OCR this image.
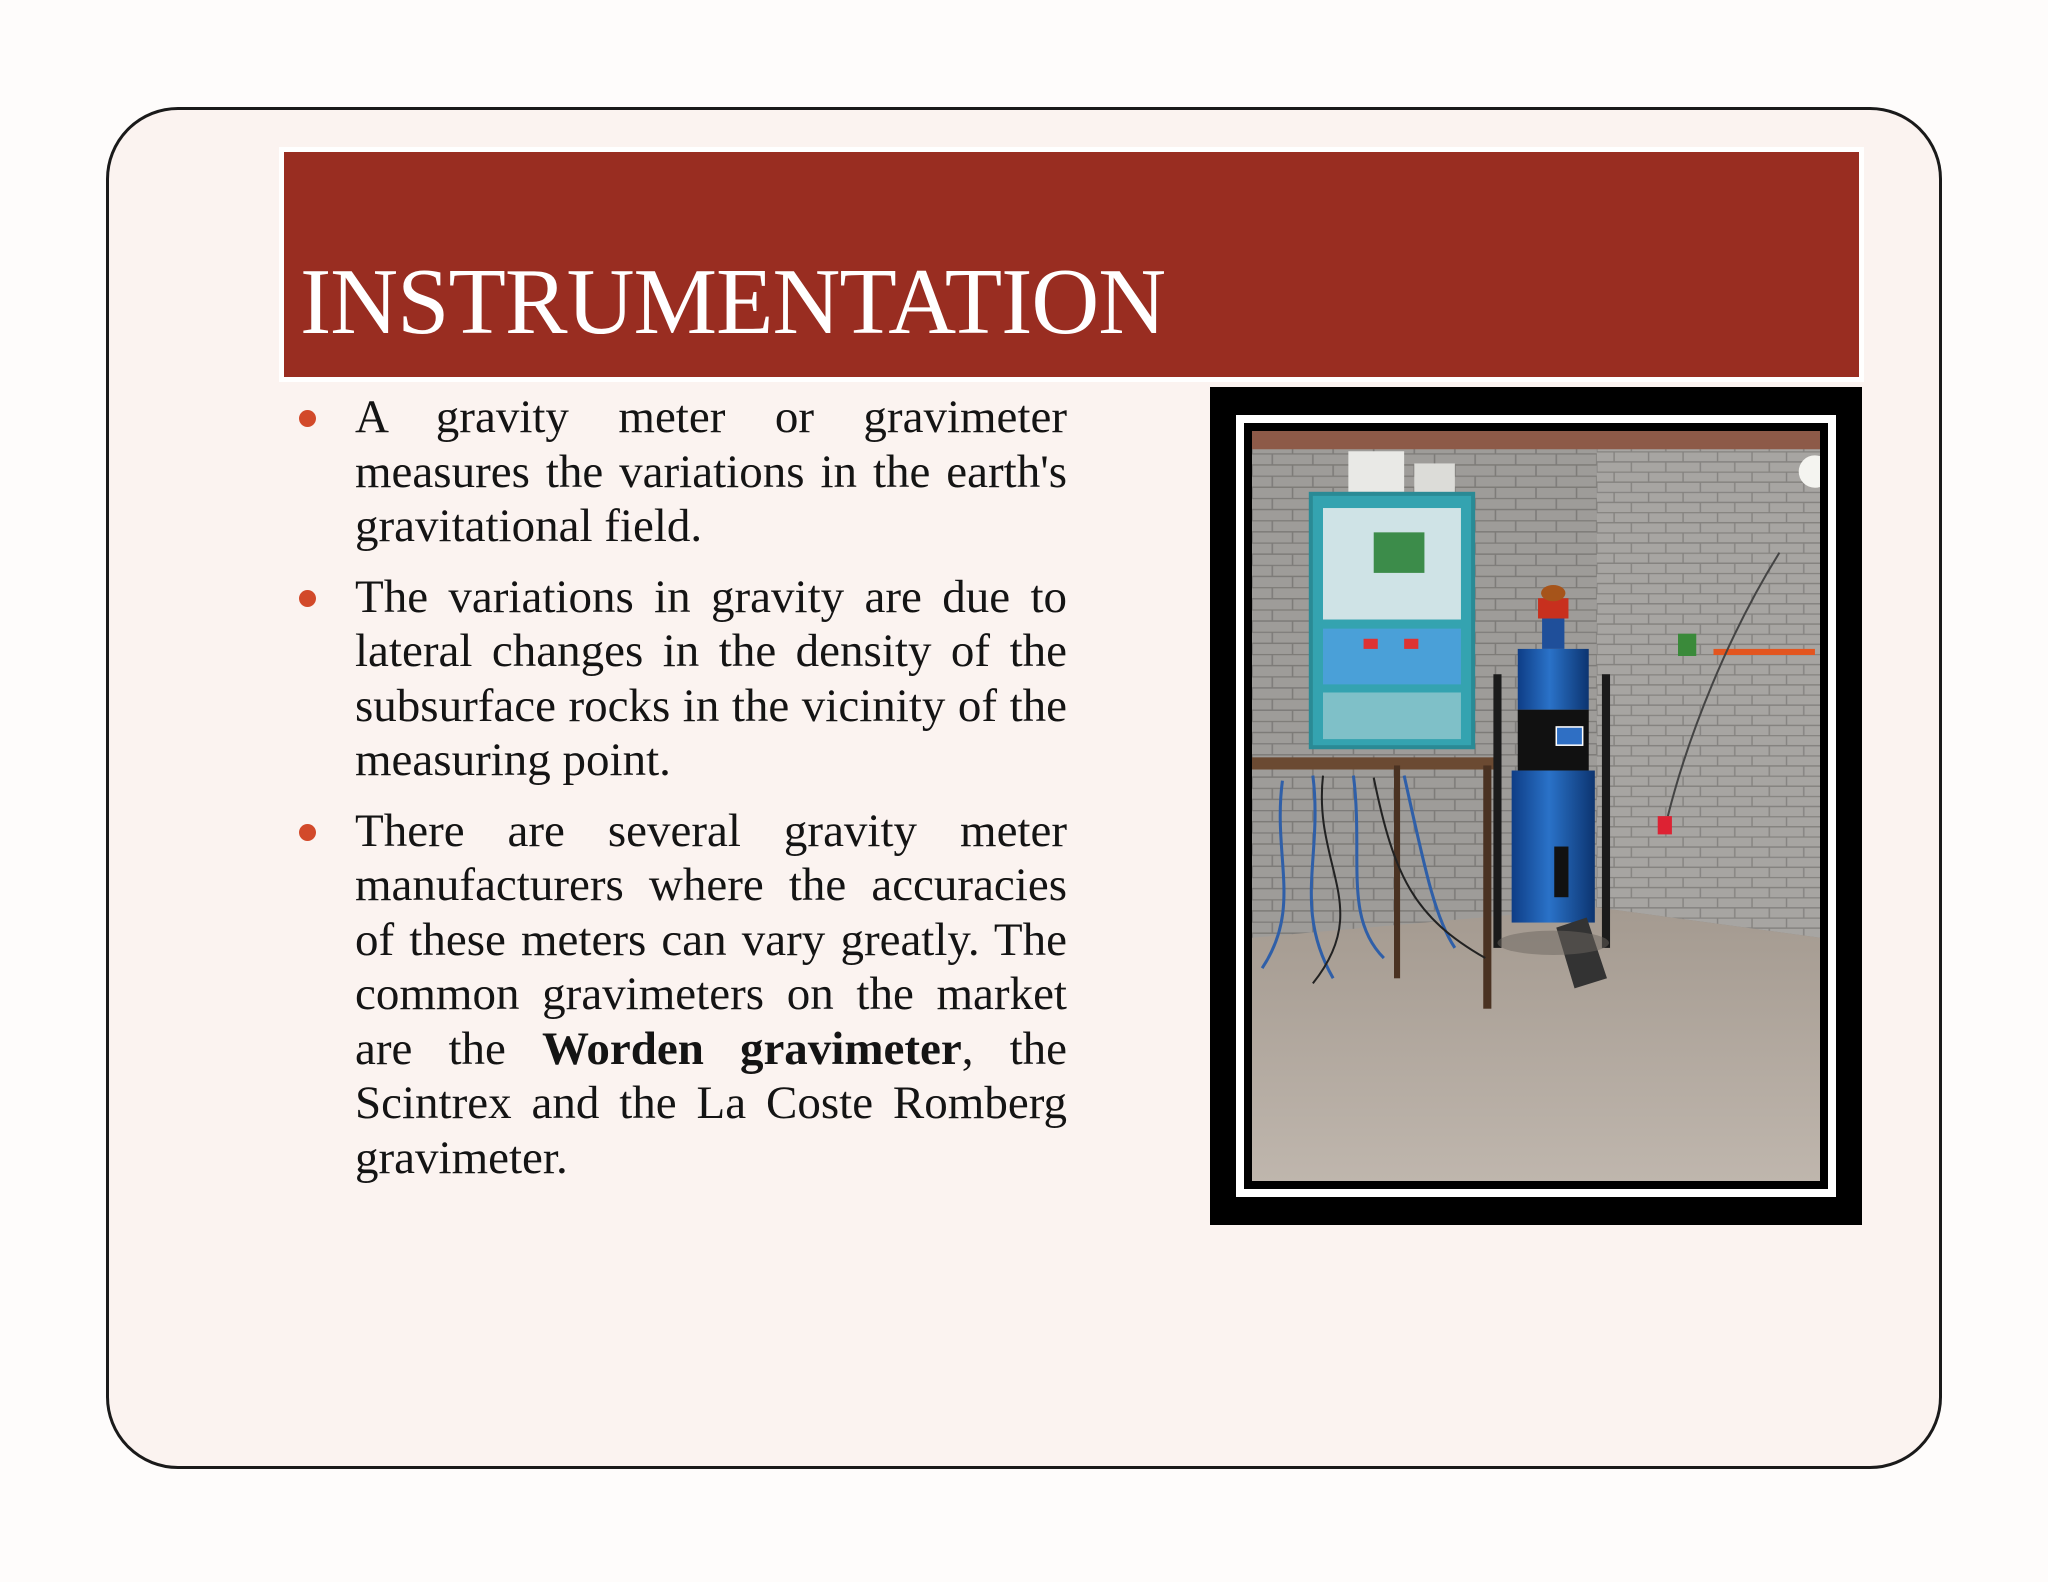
INSTRUMENTATION
A gravity meter or gravimeter measures the variations in the earth's gravitational field.
The variations in gravity are due to lateral changes in the density of the subsurface rocks in the vicinity of the measuring point.
There are several gravity meter manufacturers where the accuracies of these meters can vary greatly. The common gravimeters on the market are the Worden gravimeter, the Scintrex and the La Coste Romberg gravimeter.
